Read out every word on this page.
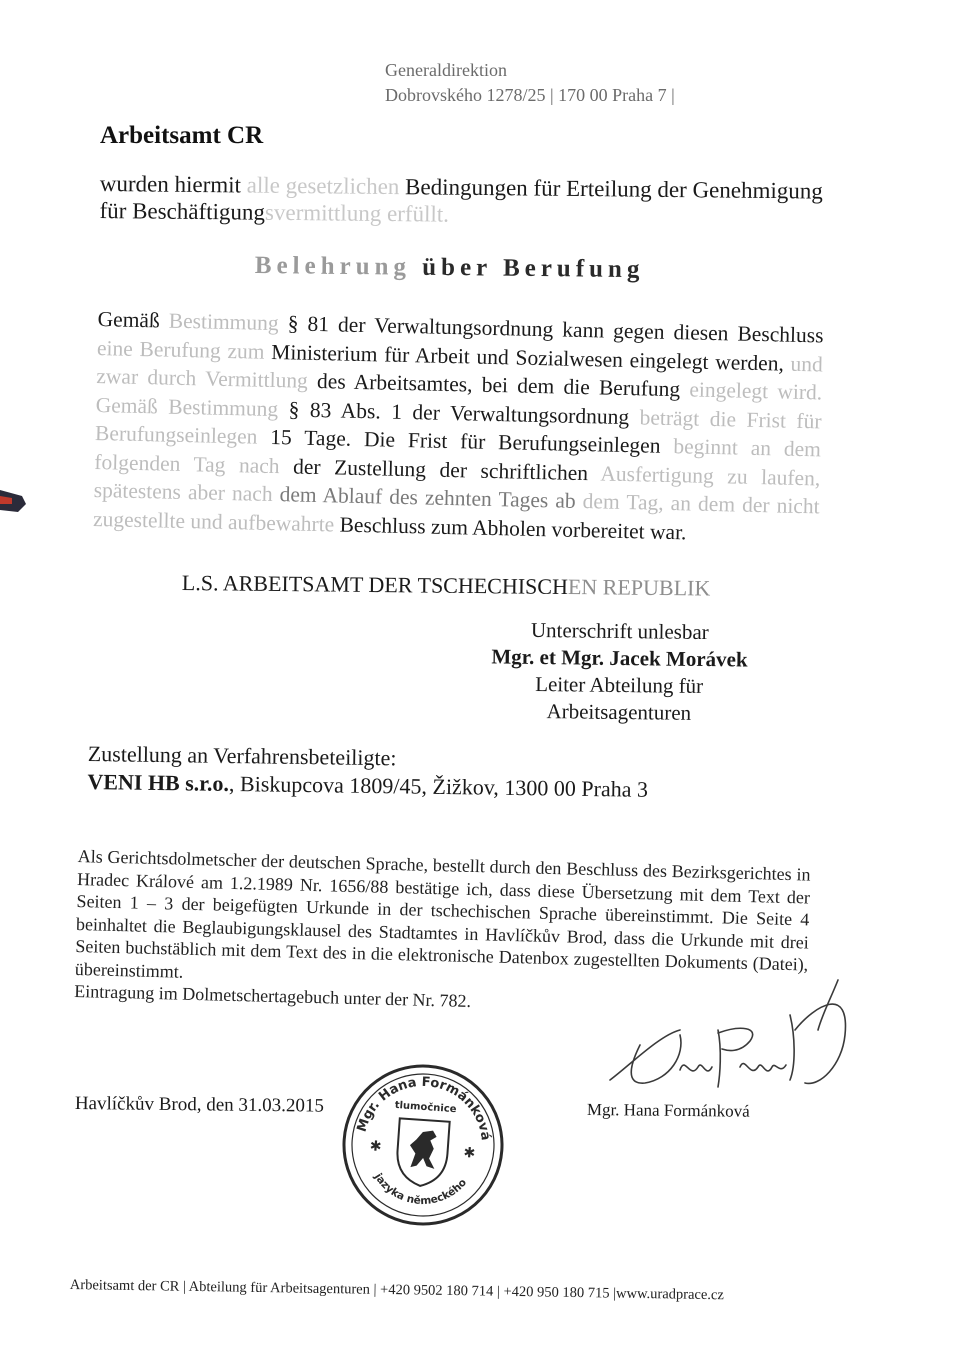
Generaldirektion
Dobrovského 1278/25 | 170 00 Praha 7 |
Arbeitsamt CR
wurden hiermit alle gesetzlichen Bedingungen für Erteilung der Genehmigung
für Beschäftigungsvermittlung erfüllt.
Belehrung über Berufung
Gemäß Bestimmung § 81 der Verwaltungsordnung kann gegen diesen Beschluss eine Berufung zum Ministerium für Arbeit und Sozialwesen eingelegt werden, und zwar durch Vermittlung des Arbeitsamtes, bei dem die Berufung eingelegt wird. Gemäß Bestimmung § 83 Abs. 1 der Verwaltungsordnung beträgt die Frist für Berufungseinlegen 15 Tage. Die Frist für Berufungseinlegen beginnt an dem folgenden Tag nach der Zustellung der schriftlichen Ausfertigung zu laufen, spätestens aber nach dem Ablauf des zehnten Tages ab dem Tag, an dem der nicht zugestellte und aufbewahrte Beschluss zum Abholen vorbereitet war.
L.S. ARBEITSAMT DER TSCHECHISCHEN REPUBLIK
Unterschrift unlesbar
Mgr. et Mgr. Jacek Morávek
Leiter Abteilung für Arbeitsagenturen
Zustellung an Verfahrensbeteiligte:
VENI HB s.r.o., Biskupcova 1809/45, Žižkov, 1300 00 Praha 3
Als Gerichtsdolmetscher der deutschen Sprache, bestellt durch den Beschluss des Bezirksgerichtes in Hradec Králové am 1.2.1989 Nr. 1656/88 bestätige ich, dass diese Übersetzung mit dem Text der Seiten 1 – 3 der beigefügten Urkunde in der tschechischen Sprache übereinstimmt. Die Seite 4 beinhaltet die Beglaubigungsklausel des Stadtamtes in Havlíčkův Brod, dass die Urkunde mit drei Seiten buchstäblich mit dem Text des in die elektronische Datenbox zugestellten Dokuments (Datei), übereinstimmt.
Eintragung im Dolmetschertagebuch unter der Nr. 782.
Havlíčkův Brod, den 31.03.2015
Mgr. Hana Formánková
tlumočnice
jazyka německého
✱	✱
Mgr. Hana Formánková
Arbeitsamt der CR | Abteilung für Arbeitsagenturen | +420 9502 180 714 | +420 950 180 715 |www.uradprace.cz
